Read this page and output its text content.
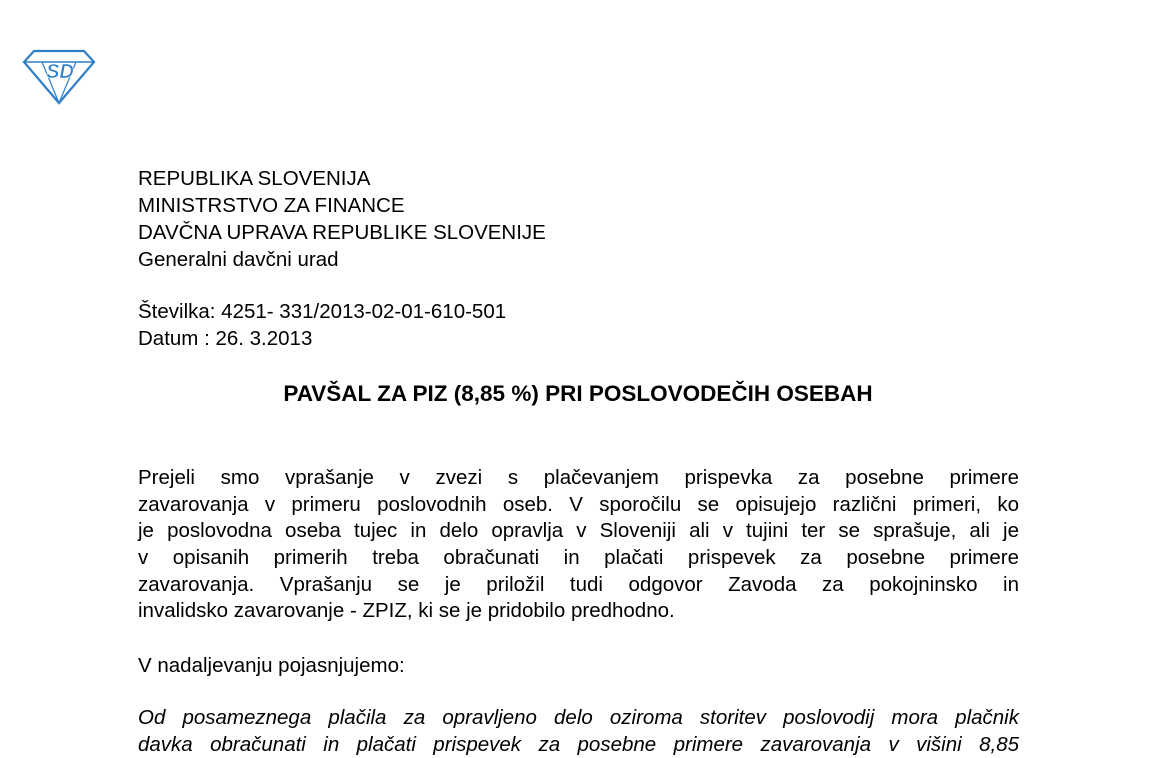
SD
REPUBLIKA SLOVENIJA
MINISTRSTVO ZA FINANCE
DAVČNA UPRAVA REPUBLIKE SLOVENIJE
Generalni davčni urad
Številka: 4251- 331/2013-02-01-610-501
Datum : 26. 3.2013
PAVŠAL ZA PIZ (8,85 %) PRI POSLOVODEČIH OSEBAH
Prejeli smo vprašanje v zvezi s plačevanjem prispevka za posebne primere
zavarovanja v primeru poslovodnih oseb. V sporočilu se opisujejo različni primeri, ko
je poslovodna oseba tujec in delo opravlja v Sloveniji ali v tujini ter se sprašuje, ali je
v opisanih primerih treba obračunati in plačati prispevek za posebne primere
zavarovanja. Vprašanju se je priložil tudi odgovor Zavoda za pokojninsko in
invalidsko zavarovanje - ZPIZ, ki se je pridobilo predhodno.
V nadaljevanju pojasnjujemo:
Od posameznega plačila za opravljeno delo oziroma storitev poslovodij mora plačnik
davka obračunati in plačati prispevek za posebne primere zavarovanja v višini 8,85
